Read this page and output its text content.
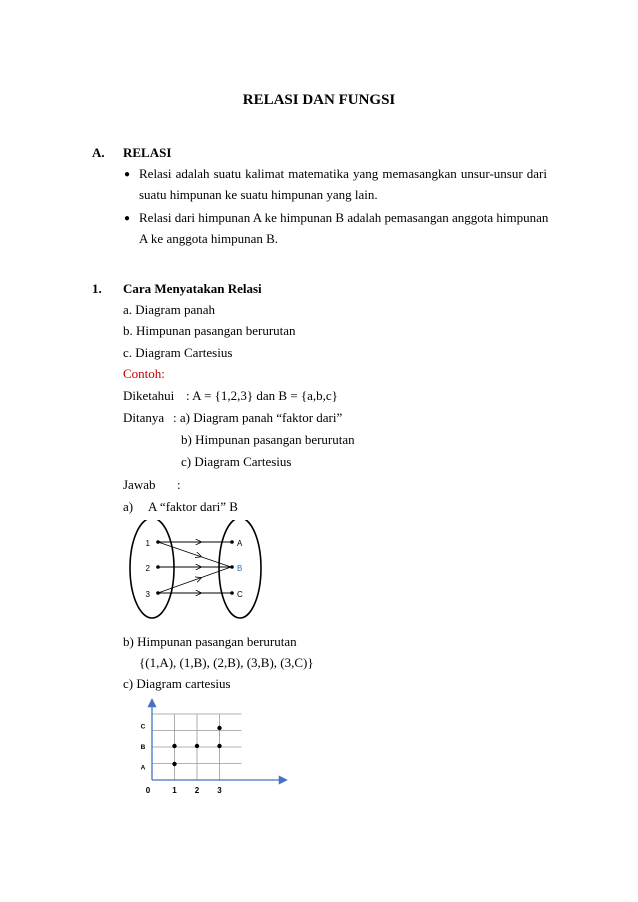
RELASI DAN FUNGSI
A. RELASI
● Relasi adalah suatu kalimat matematika yang memasangkan unsur-unsur dari
suatu himpunan ke suatu himpunan yang lain.
● Relasi dari himpunan A ke himpunan B adalah pemasangan anggota himpunan
A ke anggota himpunan B.
1. Cara Menyatakan Relasi
a. Diagram panah
b. Himpunan pasangan berurutan
c. Diagram Cartesius
Contoh:
Diketahui : A = {1,2,3} dan B = {a,b,c}
Ditanya : a) Diagram panah “faktor dari”
b) Himpunan pasangan berurutan
c) Diagram Cartesius
Jawab :
a) A “faktor dari” B
1
2
3
A
B
C
b) Himpunan pasangan berurutan
{(1,A), (1,B), (2,B), (3,B), (3,C)}
c) Diagram cartesius
0	1 2 3
A
B
C
